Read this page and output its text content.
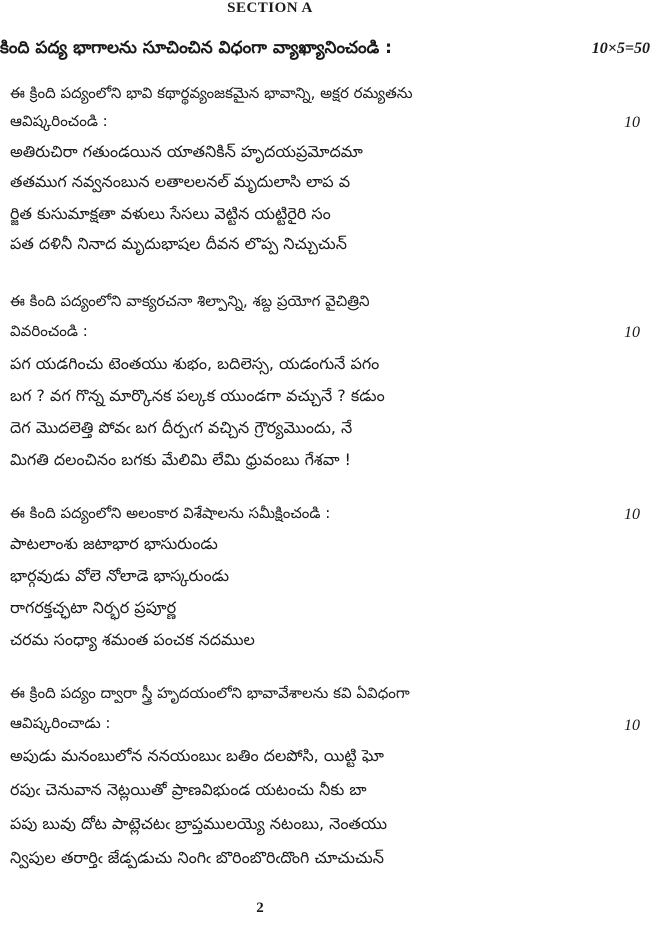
SECTION A
కింది పద్య భాగాలను సూచించిన విధంగా వ్యాఖ్యానించండి :	10×5=50
ఈ క్రింది పద్యంలోని భావి కథార్థవ్యంజకమైన భావాన్ని, అక్షర రమ్యతను
ఆవిష్కరించండి :	10
అతిరుచిరా గతుండయిన యాతనికిన్ హృదయప్రమోదమా
తతముగ నవ్వనంబున లతాలలనల్ మృదులాసి లాప వ
ర్జిత కుసుమాక్షతా వళులు సేసలు వెట్టిన యట్టిరైరి సం
పత దళినీ నినాద మృదుభాషల దీవన లొప్ప నిచ్చుచున్
ఈ కింది పద్యంలోని వాక్యరచనా శిల్పాన్ని, శబ్ద ప్రయోగ వైచిత్రిని
వివరించండి :	10
పగ యడగించు టెంతయు శుభం, బదిలెస్స, యడంగునే పగం
బగ ? వగ గొన్న మార్కొనక పల్కక యుండగా వచ్చునే ? కడుం
దెగ మొదలెత్తి పోవఁ బగ దీర్పఁగ వచ్చిన గ్రౌర్యమొందు, నే
మిగతి దలంచినం బగకు మేలిమి లేమి ధ్రువంబు గేశవా !
ఈ కింది పద్యంలోని అలంకార విశేషాలను సమీక్షించండి :	10
పాటలాంశు జటాభార భాసురుండు
భార్గవుడు వోలె నోలాడె భాస్కరుండు
రాగరక్తచ్ఛటా నిర్భర ప్రపూర్ణ
చరమ సంధ్యా శమంత పంచక నదముల
ఈ క్రింది పద్యం ద్వారా స్త్రీ హృదయంలోని భావావేశాలను కవి ఏవిధంగా
ఆవిష్కరించాడు :	10
అపుడు మనంబులోన ననయంబుఁ బతిం దలపోసి, యిట్టి ఘో
రపుఁ చెనువాన నెట్లయితో ప్రాణవిభుండ యటంచు నీకు బా
పపు బువు దోట పాట్లెచటఁ బ్రాప్తములయ్యె నటంబు, నెంతయు
న్విపుల తరార్తిఁ జేడ్పడుచు నింగిఁ బొరింబొరిఁదొంగి చూచుచున్
2
